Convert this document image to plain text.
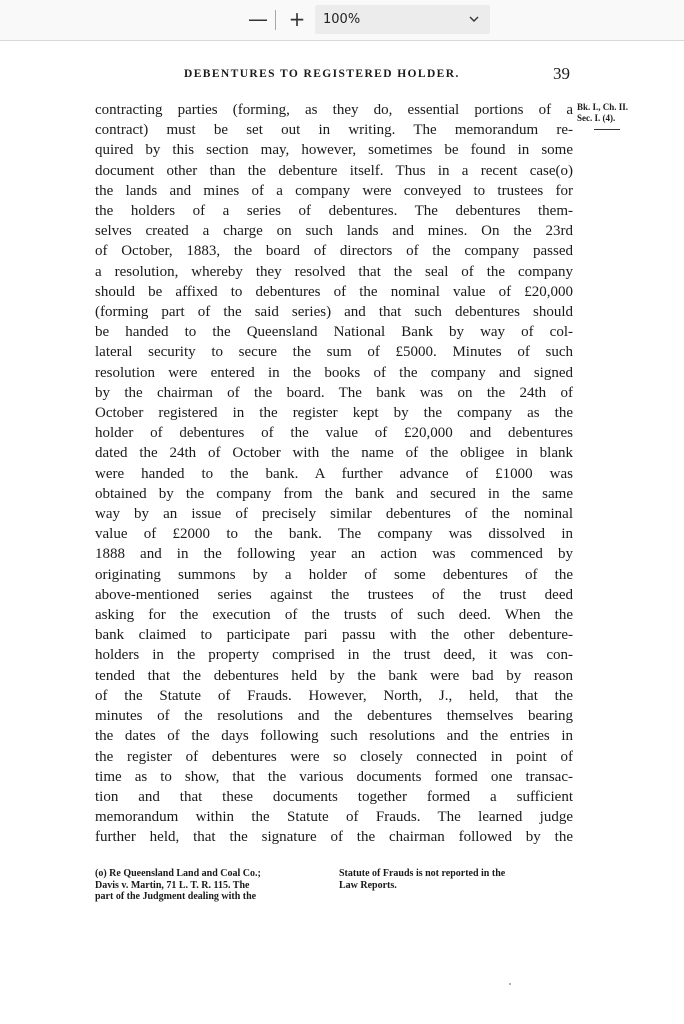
— + 100%
DEBENTURES TO REGISTERED HOLDER.	39
contracting parties (forming, as they do, essential portions of a
contract) must be set out in writing. The memorandum re-
quired by this section may, however, sometimes be found in some
document other than the debenture itself. Thus in a recent case(o)
the lands and mines of a company were conveyed to trustees for
the holders of a series of debentures. The debentures them-
selves created a charge on such lands and mines. On the 23rd
of October, 1883, the board of directors of the company passed
a resolution, whereby they resolved that the seal of the company
should be affixed to debentures of the nominal value of £20,000
(forming part of the said series) and that such debentures should
be handed to the Queensland National Bank by way of col-
lateral security to secure the sum of £5000. Minutes of such
resolution were entered in the books of the company and signed
by the chairman of the board. The bank was on the 24th of
October registered in the register kept by the company as the
holder of debentures of the value of £20,000 and debentures
dated the 24th of October with the name of the obligee in blank
were handed to the bank. A further advance of £1000 was
obtained by the company from the bank and secured in the same
way by an issue of precisely similar debentures of the nominal
value of £2000 to the bank. The company was dissolved in
1888 and in the following year an action was commenced by
originating summons by a holder of some debentures of the
above-mentioned series against the trustees of the trust deed
asking for the execution of the trusts of such deed. When the
bank claimed to participate pari passu with the other debenture-
holders in the property comprised in the trust deed, it was con-
tended that the debentures held by the bank were bad by reason
of the Statute of Frauds. However, North, J., held, that the
minutes of the resolutions and the debentures themselves bearing
the dates of the days following such resolutions and the entries in
the register of debentures were so closely connected in point of
time as to show, that the various documents formed one transac-
tion and that these documents together formed a sufficient
memorandum within the Statute of Frauds. The learned judge
further held, that the signature of the chairman followed by the
Bk. I., Ch. II.
Sec. I. (4).
(o) Re Queensland Land and Coal Co.;
Davis v. Martin, 71 L. T. R. 115. The
part of the Judgment dealing with the
Statute of Frauds is not reported in the
Law Reports.
